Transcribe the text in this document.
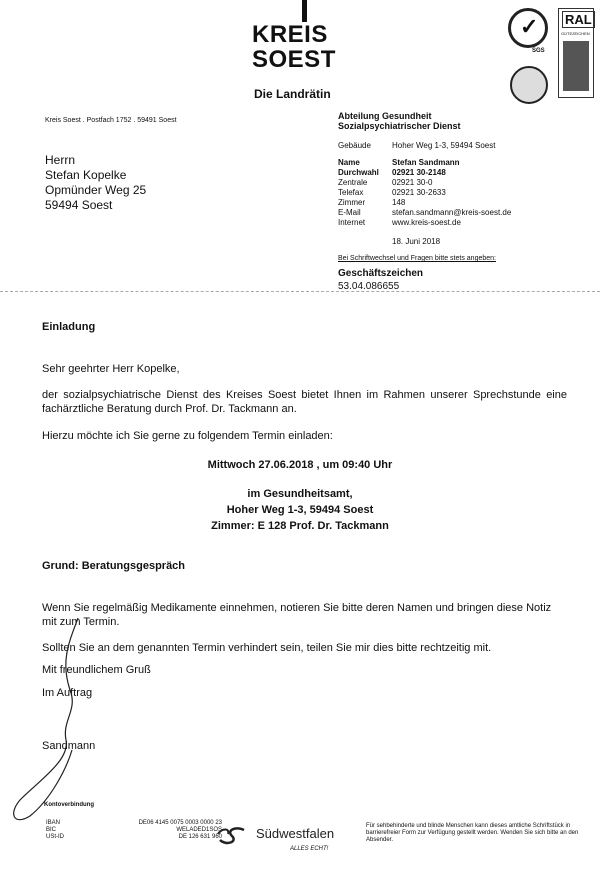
KREIS
SOEST
Die Landrätin
✓
SGS
RAL
GÜTEZEICHEN
Kreis Soest . Postfach 1752 . 59491 Soest
Herrn
Stefan Kopelke
Opmünder Weg 25
59494 Soest
Abteilung Gesundheit
Sozialpsychiatrischer Dienst
Gebäude	Hoher Weg 1-3, 59494 Soest
Name	Stefan Sandmann
Durchwahl	02921 30-2148
Zentrale	02921 30-0
Telefax	02921 30-2633
Zimmer	148
E-Mail	stefan.sandmann@kreis-soest.de
Internet	www.kreis-soest.de
18. Juni 2018
Bei Schriftwechsel und Fragen bitte stets angeben:
Geschäftszeichen
53.04.086655
Einladung
Sehr geehrter Herr Kopelke,
der sozialpsychiatrische Dienst des Kreises Soest bietet Ihnen im Rahmen unserer Sprechstunde eine fachärztliche Beratung durch Prof. Dr. Tackmann an.
Hierzu möchte ich Sie gerne zu folgendem Termin einladen:
Mittwoch 27.06.2018 , um 09:40 Uhr
im Gesundheitsamt,
Hoher Weg 1-3, 59494 Soest
Zimmer: E 128 Prof. Dr. Tackmann
Grund: Beratungsgespräch
Wenn Sie regelmäßig Medikamente einnehmen, notieren Sie bitte deren Namen und bringen diese Notiz mit zum Termin.
Sollten Sie an dem genannten Termin verhindert sein, teilen Sie mir dies bitte rechtzeitig mit.
Mit freundlichem Gruß
Im Auftrag
Sandmann
Kontoverbindung
IBAN	DE06 4145 0075 0003 0000 23
BIC	WELADED1SOS
USt-ID	DE 126 631 960	Südwestfalen
ALLES ECHT!
Für sehbehinderte und blinde Menschen kann dieses amtliche Schriftstück in barrierefreier Form zur Verfügung gestellt werden. Wenden Sie sich bitte an den Absender.
